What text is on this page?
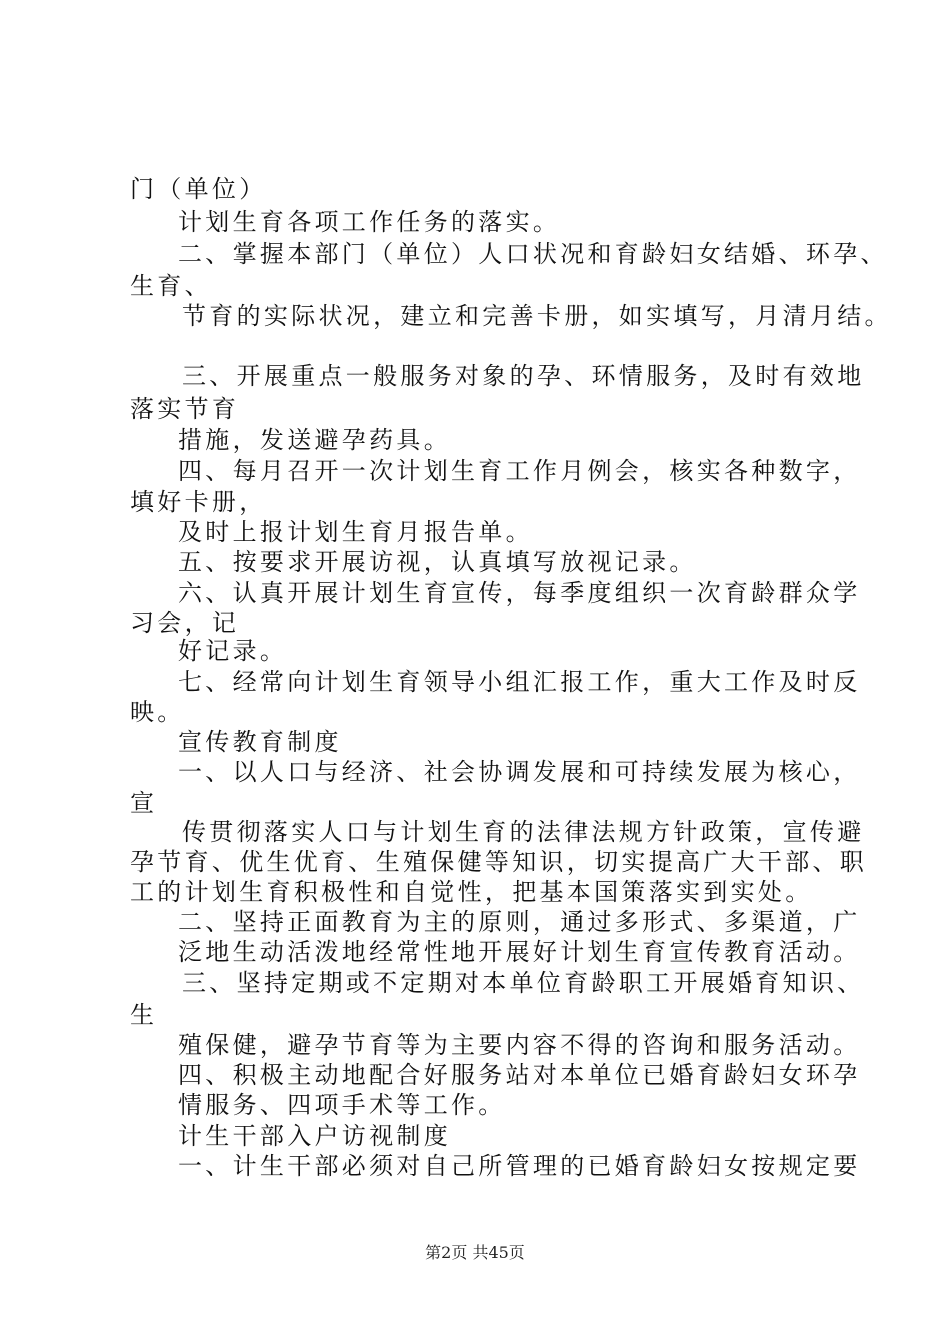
门（单位）
计划生育各项工作任务的落实。
二、掌握本部门（单位）人口状况和育龄妇女结婚、环孕、
生育、
节育的实际状况，建立和完善卡册，如实填写，月清月结。
三、开展重点一般服务对象的孕、环情服务，及时有效地
落实节育
措施，发送避孕药具。
四、每月召开一次计划生育工作月例会，核实各种数字，
填好卡册，
及时上报计划生育月报告单。
五、按要求开展访视，认真填写放视记录。
六、认真开展计划生育宣传，每季度组织一次育龄群众学
习会，记
好记录。
七、经常向计划生育领导小组汇报工作，重大工作及时反
映。
宣传教育制度
一、以人口与经济、社会协调发展和可持续发展为核心，
宣
传贯彻落实人口与计划生育的法律法规方针政策，宣传避
孕节育、优生优育、生殖保健等知识，切实提高广大干部、职
工的计划生育积极性和自觉性，把基本国策落实到实处。
二、坚持正面教育为主的原则，通过多形式、多渠道，广
泛地生动活泼地经常性地开展好计划生育宣传教育活动。
三、坚持定期或不定期对本单位育龄职工开展婚育知识、
生
殖保健，避孕节育等为主要内容不得的咨询和服务活动。
四、积极主动地配合好服务站对本单位已婚育龄妇女环孕
情服务、四项手术等工作。
计生干部入户访视制度
一、计生干部必须对自己所管理的已婚育龄妇女按规定要
第2页 共45页
